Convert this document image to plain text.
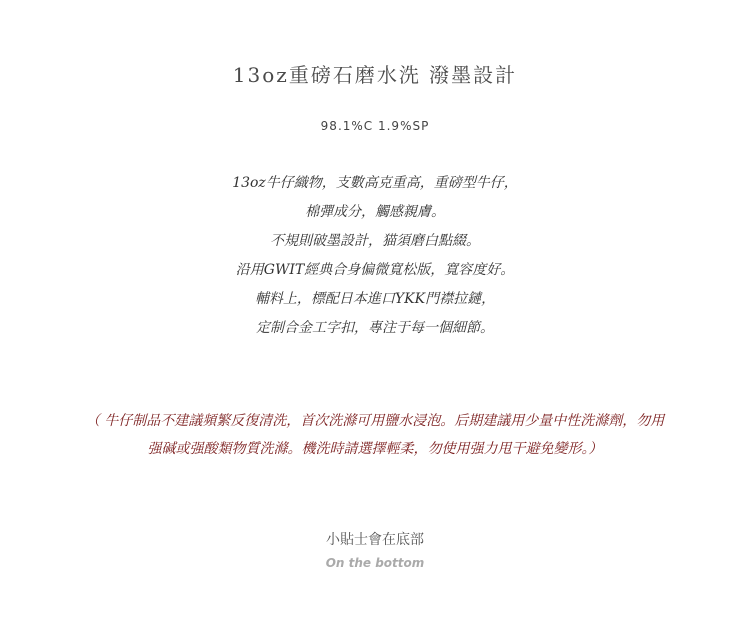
13oz重磅石磨水洗 潑墨設計
98.1%C 1.9%SP
13oz牛仔織物，支數高克重高，重磅型牛仔，
棉彈成分，觸感親膚。
不規則破墨設計，猫須磨白點綴。
沿用GWIT經典合身偏微寬松版，寬容度好。
輔料上，標配日本進口YKK門襟拉鏈，
定制合金工字扣，專注于每一個細節。
（ 牛仔制品不建議頻繁反復清洗，首次洗滌可用鹽水浸泡。后期建議用少量中性洗滌劑，勿用
强碱或强酸類物質洗滌。機洗時請選擇輕柔，勿使用强力甩干避免變形。）
小貼士會在底部
On the bottom
